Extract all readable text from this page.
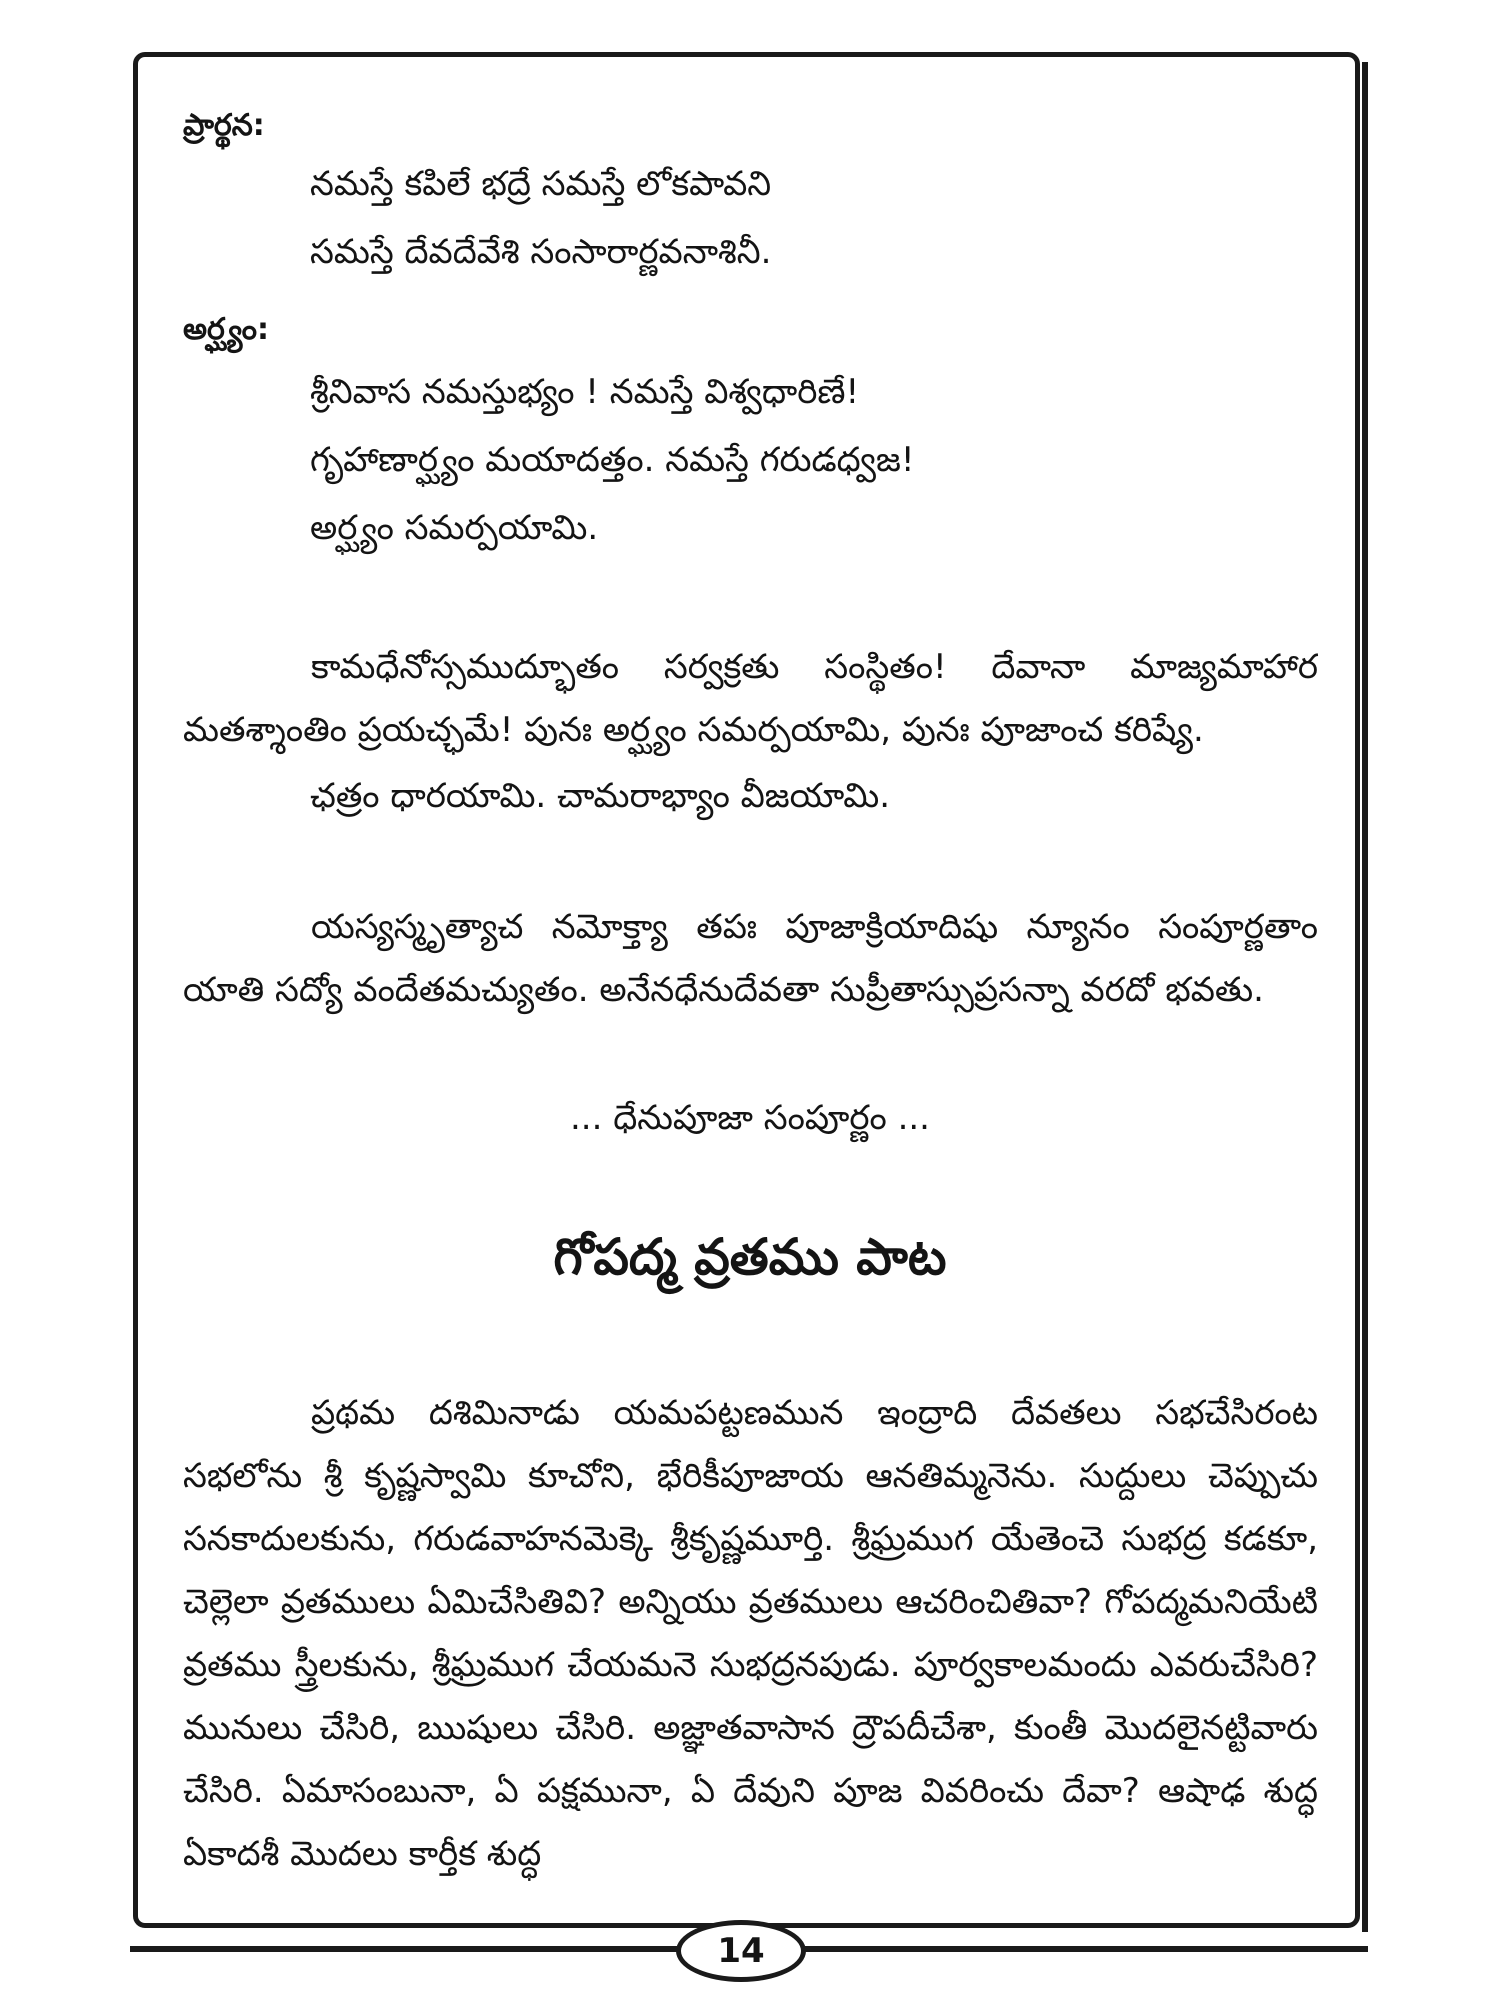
ప్రార్థన:
నమస్తే కపిలే భద్రే సమస్తే లోకపావని
సమస్తే దేవదేవేశి సంసారార్ణవనాశినీ.
అర్ఘ్యం:
శ్రీనివాస నమస్తుభ్యం ! నమస్తే విశ్వధారిణే!
గృహాణార్ఘ్యం మయాదత్తం. నమస్తే గరుడధ్వజ!
అర్ఘ్యం సమర్పయామి.

కామధేనోస్సముద్భూతం సర్వక్రతు సంస్థితం! దేవానా మాజ్యమాహార మతశ్శాంతిం ప్రయచ్ఛమే! పునః అర్ఘ్యం సమర్పయామి, పునః పూజాంచ కరిష్యే.

ఛత్రం ధారయామి. చామరాభ్యాం వీజయామి.

యస్యస్మృత్యాచ నమోక్త్యా తపః పూజాక్రియాదిషు న్యూనం సంపూర్ణతాం యాతి సద్యో వందేతమచ్యుతం. అనేనధేనుదేవతా సుప్రీతాస్సుప్రసన్నా వరదో భవతు.

... ధేనుపూజా సంపూర్ణం ...
గోపద్మ వ్రతము పాట

ప్రథమ దశిమినాడు యమపట్టణమున ఇంద్రాది దేవతలు సభచేసిరంట సభలోను శ్రీ కృష్ణస్వామి కూచోని, భేరికీపూజాయ ఆనతిమ్మనెను. సుద్దులు చెప్పుచు సనకాదులకును, గరుడవాహనమెక్కె శ్రీకృష్ణమూర్తి. శ్రీఘ్రముగ యేతెంచె సుభద్ర కడకూ, చెల్లెలా వ్రతములు ఏమిచేసితివి? అన్నియు వ్రతములు ఆచరించితివా? గోపద్మమనియేటి వ్రతము స్త్రీలకును, శ్రీఘ్రముగ చేయమనె సుభద్రనపుడు. పూర్వకాలమందు ఎవరుచేసిరి? మునులు చేసిరి, ఋషులు చేసిరి. అజ్ఞాతవాసాన ద్రౌపదీచేశా, కుంతీ మొదలైనట్టివారు చేసిరి. ఏమాసంబునా, ఏ పక్షమునా, ఏ దేవుని పూజ వివరించు దేవా? ఆషాఢ శుద్ధ ఏకాదశీ మొదలు కార్తీక శుద్ధ

14
